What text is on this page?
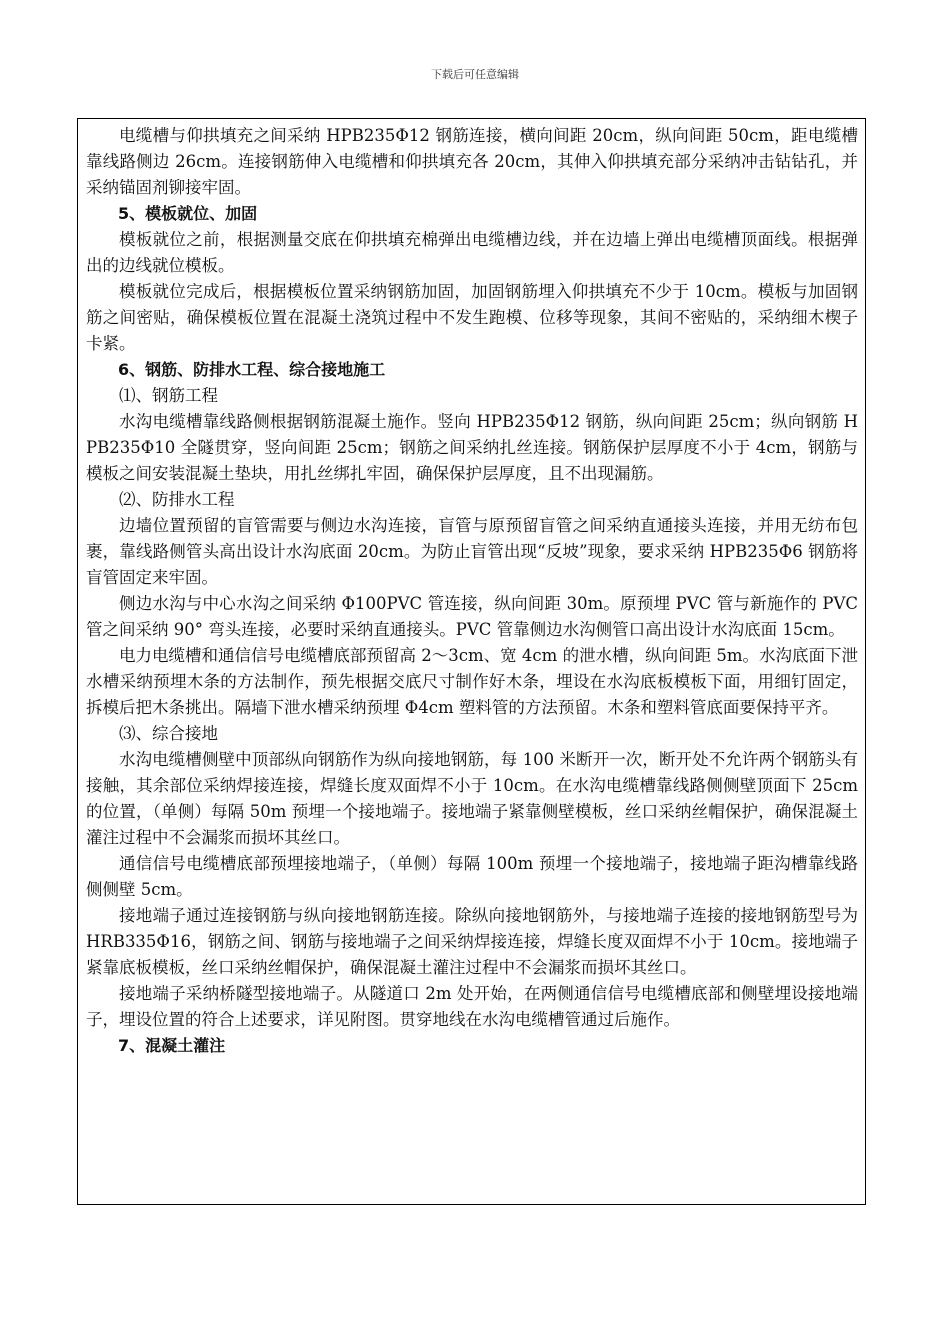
下载后可任意编辑

电缆槽与仰拱填充之间采纳 HPB235Φ12 钢筋连接，横向间距 20cm，纵向间距 50cm，距电缆槽靠线路侧边 26cm。连接钢筋伸入电缆槽和仰拱填充各 20cm，其伸入仰拱填充部分采纳冲击钻钻孔，并采纳锚固剂铆接牢固。

5、模板就位、加固

模板就位之前，根据测量交底在仰拱填充棉弹出电缆槽边线，并在边墙上弹出电缆槽顶面线。根据弹出的边线就位模板。

模板就位完成后，根据模板位置采纳钢筋加固，加固钢筋埋入仰拱填充不少于 10cm。模板与加固钢筋之间密贴，确保模板位置在混凝土浇筑过程中不发生跑模、位移等现象，其间不密贴的，采纳细木楔子卡紧。

6、钢筋、防排水工程、综合接地施工

⑴、钢筋工程

水沟电缆槽靠线路侧根据钢筋混凝土施作。竖向 HPB235Φ12 钢筋，纵向间距 25cm；纵向钢筋 HPB235Φ10 全隧贯穿，竖向间距 25cm；钢筋之间采纳扎丝连接。钢筋保护层厚度不小于 4cm，钢筋与模板之间安装混凝土垫块，用扎丝绑扎牢固，确保保护层厚度，且不出现漏筋。

⑵、防排水工程

边墙位置预留的盲管需要与侧边水沟连接，盲管与原预留盲管之间采纳直通接头连接，并用无纺布包裹，靠线路侧管头高出设计水沟底面 20cm。为防止盲管出现“反坡”现象，要求采纳 HPB235Φ6 钢筋将盲管固定来牢固。

侧边水沟与中心水沟之间采纳 Φ100PVC 管连接，纵向间距 30m。原预埋 PVC 管与新施作的 PVC 管之间采纳 90° 弯头连接，必要时采纳直通接头。PVC 管靠侧边水沟侧管口高出设计水沟底面 15cm。

电力电缆槽和通信信号电缆槽底部预留高 2～3cm、宽 4cm 的泄水槽，纵向间距 5m。水沟底面下泄水槽采纳预埋木条的方法制作，预先根据交底尺寸制作好木条，埋设在水沟底板模板下面，用细钉固定，拆模后把木条挑出。隔墙下泄水槽采纳预埋 Φ4cm 塑料管的方法预留。木条和塑料管底面要保持平齐。

⑶、综合接地

水沟电缆槽侧壁中顶部纵向钢筋作为纵向接地钢筋，每 100 米断开一次，断开处不允许两个钢筋头有接触，其余部位采纳焊接连接，焊缝长度双面焊不小于 10cm。在水沟电缆槽靠线路侧侧壁顶面下 25cm 的位置，（单侧）每隔 50m 预埋一个接地端子。接地端子紧靠侧壁模板，丝口采纳丝帽保护，确保混凝土灌注过程中不会漏浆而损坏其丝口。

通信信号电缆槽底部预埋接地端子，（单侧）每隔 100m 预埋一个接地端子，接地端子距沟槽靠线路侧侧壁 5cm。

接地端子通过连接钢筋与纵向接地钢筋连接。除纵向接地钢筋外，与接地端子连接的接地钢筋型号为 HRB335Φ16，钢筋之间、钢筋与接地端子之间采纳焊接连接，焊缝长度双面焊不小于 10cm。接地端子紧靠底板模板，丝口采纳丝帽保护，确保混凝土灌注过程中不会漏浆而损坏其丝口。

接地端子采纳桥隧型接地端子。从隧道口 2m 处开始，在两侧通信信号电缆槽底部和侧壁埋设接地端子，埋设位置的符合上述要求，详见附图。贯穿地线在水沟电缆槽管通过后施作。

7、混凝土灌注
